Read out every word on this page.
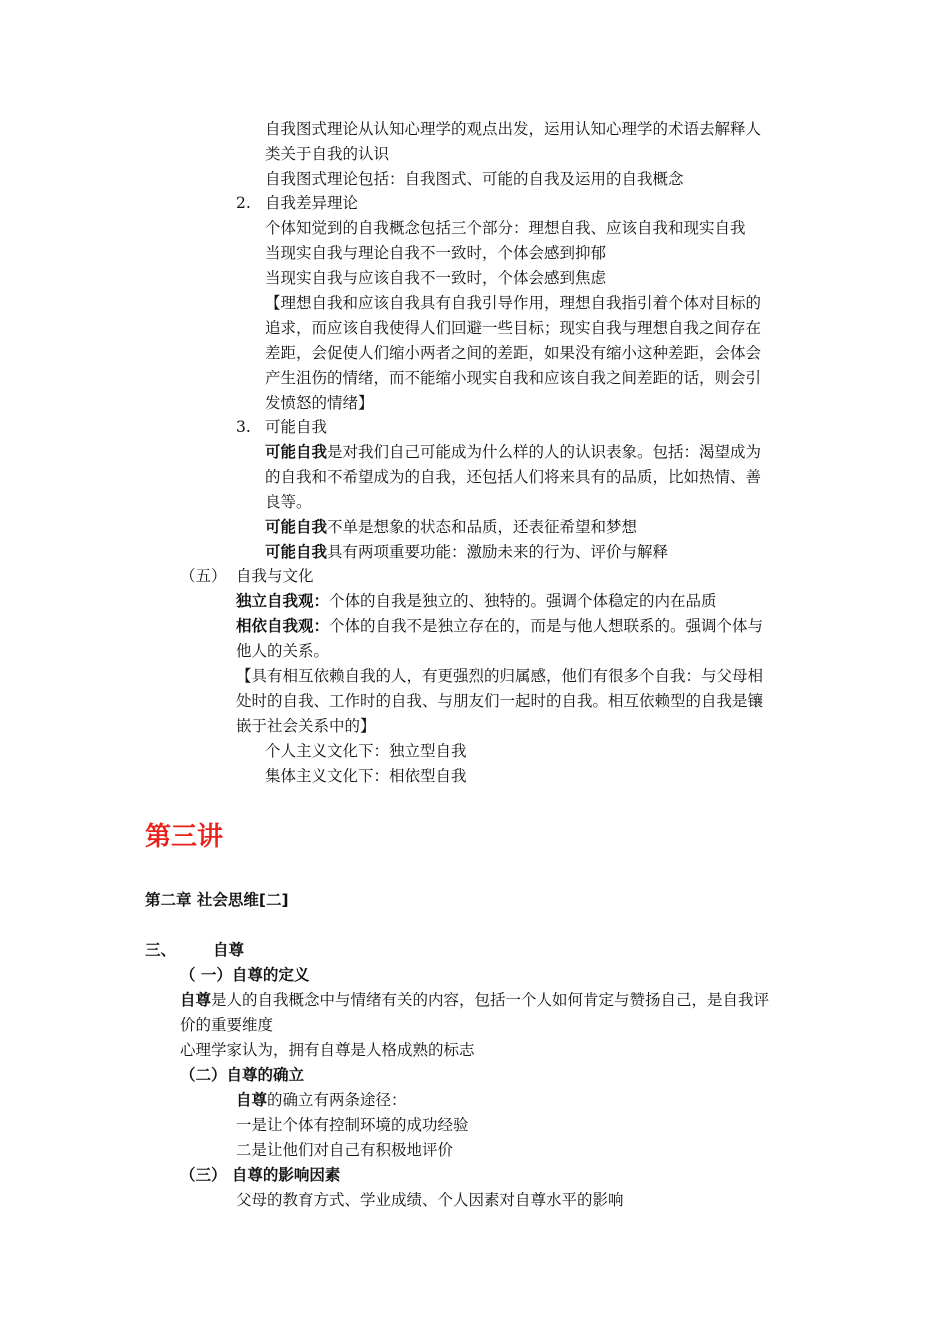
自我图式理论从认知心理学的观点出发，运用认知心理学的术语去解释人
类关于自我的认识
自我图式理论包括：自我图式、可能的自我及运用的自我概念
2. 自我差异理论
个体知觉到的自我概念包括三个部分：理想自我、应该自我和现实自我
当现实自我与理论自我不一致时，个体会感到抑郁
当现实自我与应该自我不一致时，个体会感到焦虑
【理想自我和应该自我具有自我引导作用，理想自我指引着个体对目标的
追求，而应该自我使得人们回避一些目标；现实自我与理想自我之间存在
差距，会促使人们缩小两者之间的差距，如果没有缩小这种差距，会体会
产生沮伤的情绪，而不能缩小现实自我和应该自我之间差距的话，则会引
发愤怒的情绪】
3. 可能自我
可能自我是对我们自己可能成为什么样的人的认识表象。包括：渴望成为
的自我和不希望成为的自我，还包括人们将来具有的品质，比如热情、善
良等。
可能自我不单是想象的状态和品质，还表征希望和梦想
可能自我具有两项重要功能：激励未来的行为、评价与解释
（五） 自我与文化
独立自我观：个体的自我是独立的、独特的。强调个体稳定的内在品质
相依自我观：个体的自我不是独立存在的，而是与他人想联系的。强调个体与
他人的关系。
【具有相互依赖自我的人，有更强烈的归属感，他们有很多个自我：与父母相
处时的自我、工作时的自我、与朋友们一起时的自我。相互依赖型的自我是镶
嵌于社会关系中的】
个人主义文化下：独立型自我
集体主义文化下：相依型自我
第三讲
第二章 社会思维[二]
三、 自尊
（ 一）自尊的定义
自尊是人的自我概念中与情绪有关的内容，包括一个人如何肯定与赞扬自己，是自我评
价的重要维度
心理学家认为，拥有自尊是人格成熟的标志
（二）自尊的确立
自尊的确立有两条途径：
一是让个体有控制环境的成功经验
二是让他们对自己有积极地评价
（三） 自尊的影响因素
父母的教育方式、学业成绩、个人因素对自尊水平的影响
